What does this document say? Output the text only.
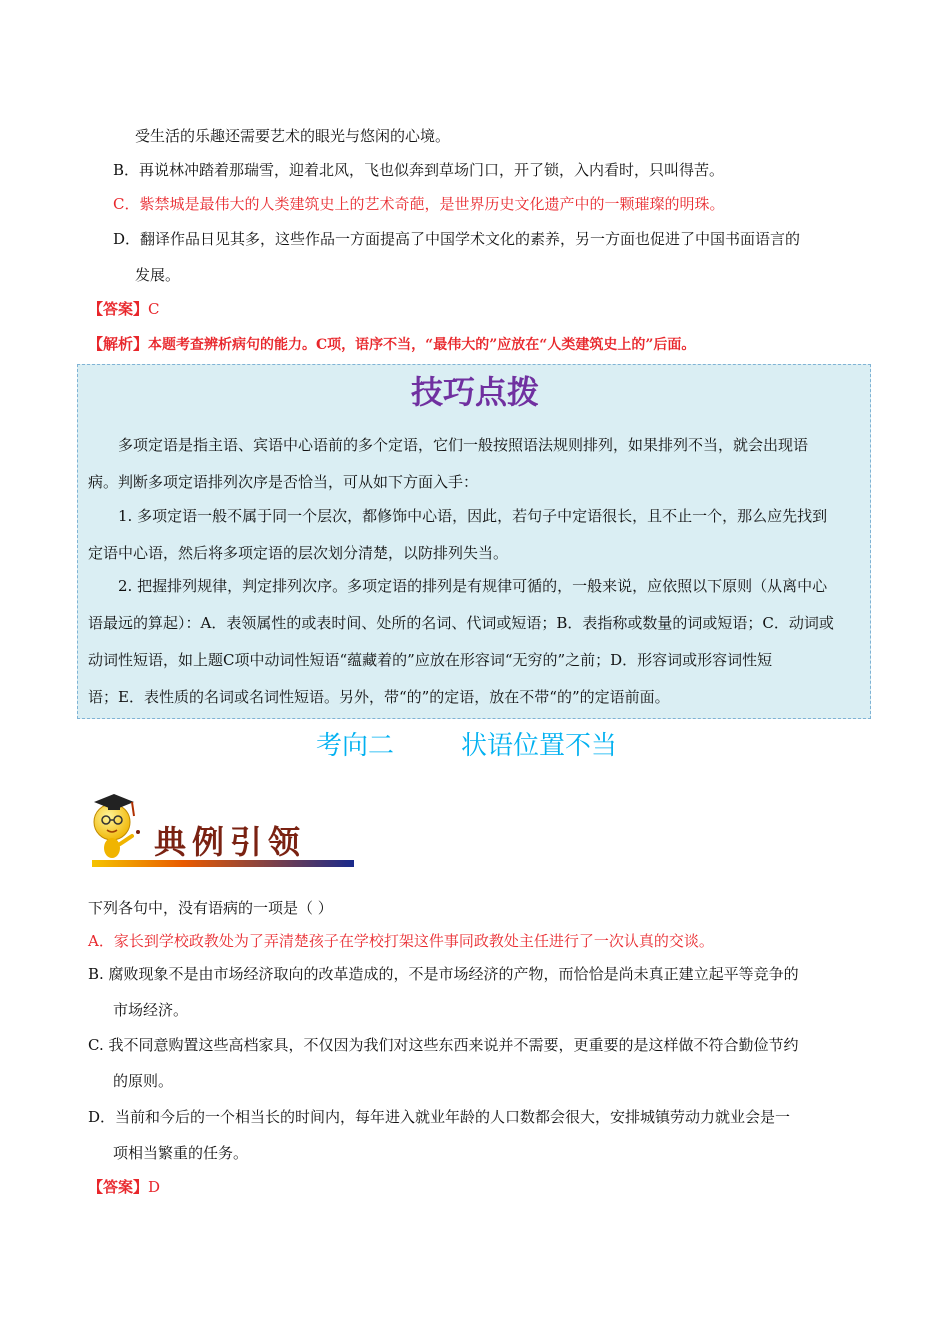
受生活的乐趣还需要艺术的眼光与悠闲的心境。
B．再说林冲踏着那瑞雪，迎着北风，飞也似奔到草场门口，开了锁，入内看时，只叫得苦。
C．紫禁城是最伟大的人类建筑史上的艺术奇葩，是世界历史文化遗产中的一颗璀璨的明珠。
D．翻译作品日见其多，这些作品一方面提高了中国学术文化的素养，另一方面也促进了中国书面语言的
发展。
【答案】C
【解析】本题考查辨析病句的能力。C项，语序不当，“最伟大的”应放在“人类建筑史上的”后面。
技巧点拨
多项定语是指主语、宾语中心语前的多个定语，它们一般按照语法规则排列，如果排列不当，就会出现语
病。判断多项定语排列次序是否恰当，可从如下方面入手：
1. 多项定语一般不属于同一个层次，都修饰中心语，因此，若句子中定语很长，且不止一个，那么应先找到
定语中心语，然后将多项定语的层次划分清楚，以防排列失当。
2. 把握排列规律，判定排列次序。多项定语的排列是有规律可循的，一般来说，应依照以下原则（从离中心
语最远的算起）：A．表领属性的或表时间、处所的名词、代词或短语；B．表指称或数量的词或短语；C．动词或
动词性短语，如上题C项中动词性短语“蕴藏着的”应放在形容词“无穷的”之前；D．形容词或形容词性短
语；E．表性质的名词或名词性短语。另外，带“的”的定语，放在不带“的”的定语前面。
考向二	状语位置不当
典例引领
下列各句中，没有语病的一项是（ ）
A．家长到学校政教处为了弄清楚孩子在学校打架这件事同政教处主任进行了一次认真的交谈。
B. 腐败现象不是由市场经济取向的改革造成的，不是市场经济的产物，而恰恰是尚未真正建立起平等竞争的
市场经济。
C. 我不同意购置这些高档家具，不仅因为我们对这些东西来说并不需要，更重要的是这样做不符合勤俭节约
的原则。
D．当前和今后的一个相当长的时间内，每年进入就业年龄的人口数都会很大，安排城镇劳动力就业会是一
项相当繁重的任务。
【答案】D
